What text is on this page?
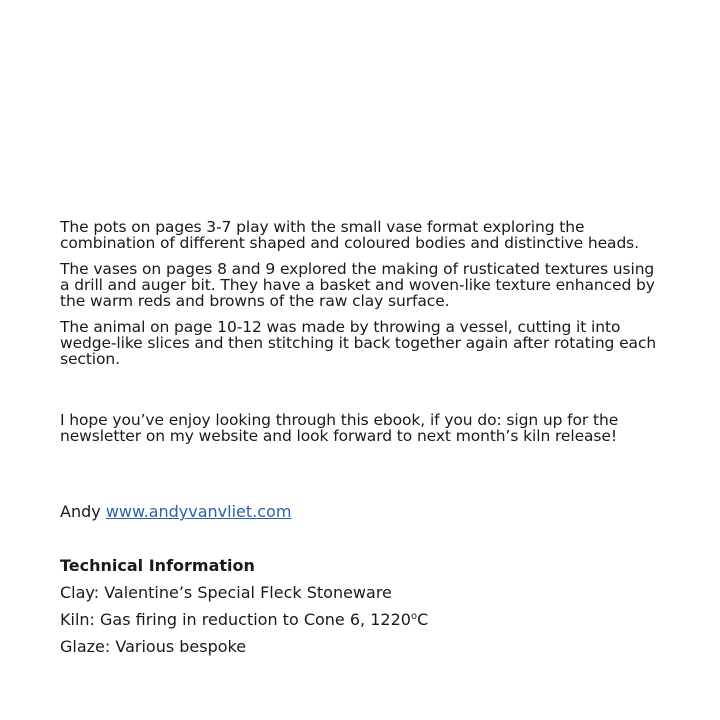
The pots on pages 3-7 play with the small vase format exploring the combination of different shaped and coloured bodies and distinctive heads.

The vases on pages 8 and 9 explored the making of rusticated textures using a drill and auger bit. They have a basket and woven-like texture enhanced by the warm reds and browns of the raw clay surface.

The animal on page 10-12 was made by throwing a vessel, cutting it into wedge-like slices and then stitching it back together again after rotating each section.

I hope you’ve enjoy looking through this ebook, if you do: sign up for the newsletter on my website and look forward to next month’s kiln release!

Andy www.andyvanvliet.com

Technical Information

Clay: Valentine’s Special Fleck Stoneware

Kiln: Gas firing in reduction to Cone 6, 1220$^o$C

Glaze: Various bespoke
